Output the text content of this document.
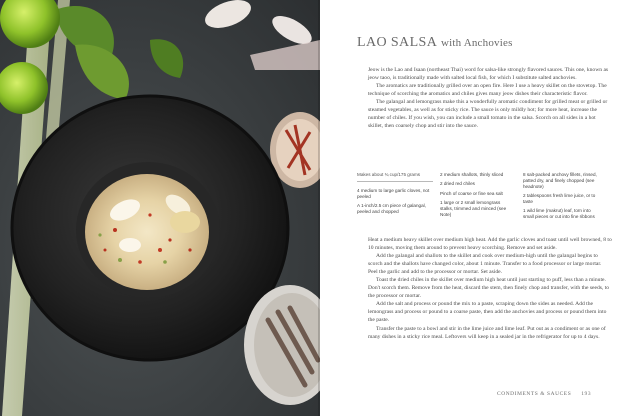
LAO SALSA with Anchovies

Jeow is the Lao and Isaan (northeast Thai) word for salsa-like strongly flavored sauces. This one, known as jeow taoo, is traditionally made with salted local fish, for which I substitute salted anchovies.

The aromatics are traditionally grilled over an open fire. Here I use a heavy skillet on the stovetop. The technique of scorching the aromatics and chiles gives many jeow dishes their characteristic flavor.

The galangal and lemongrass make this a wonderfully aromatic condiment for grilled meat or grilled or steamed vegetables, as well as for sticky rice. The sauce is only mildly hot; for more heat, increase the number of chiles. If you wish, you can include a small tomato in the salsa. Scorch on all sides in a hot skillet, then coarsely chop and stir into the sauce.

Makes about ¾ cup/175 grams
4 medium to large garlic cloves, not peeled
A 1-inch/2.5 cm piece of galangal, peeled and chopped
2 medium shallots, thinly sliced
2 dried red chiles
Pinch of coarse or fine sea salt
1 large or 2 small lemongrass stalks, trimmed and minced (see Note)
8 salt-packed anchovy fillets, rinsed, patted dry, and finely chopped (see headnote)
2 tablespoons fresh lime juice, or to taste
1 wild lime (makrut) leaf, torn into small pieces or cut into fine ribbons

Heat a medium heavy skillet over medium high heat. Add the garlic cloves and toast until well browned, 8 to 10 minutes, moving them around to prevent heavy scorching. Remove and set aside.

Add the galangal and shallots to the skillet and cook over medium-high until the galangal begins to scorch and the shallots have changed color, about 1 minute. Transfer to a food processor or large mortar. Peel the garlic and add to the processor or mortar. Set aside.

Toast the dried chiles in the skillet over medium high heat until just starting to puff, less than a minute. Don't scorch them. Remove from the heat, discard the stem, then finely chop and transfer, with the seeds, to the processor or mortar.

Add the salt and process or pound the mix to a paste, scraping down the sides as needed. Add the lemongrass and process or pound to a coarse paste, then add the anchovies and process or pound them into the paste.

Transfer the paste to a bowl and stir in the lime juice and lime leaf. Put out as a condiment or as one of many dishes in a sticky rice meal. Leftovers will keep in a sealed jar in the refrigerator for up to 4 days.

CONDIMENTS & SAUCES 193
